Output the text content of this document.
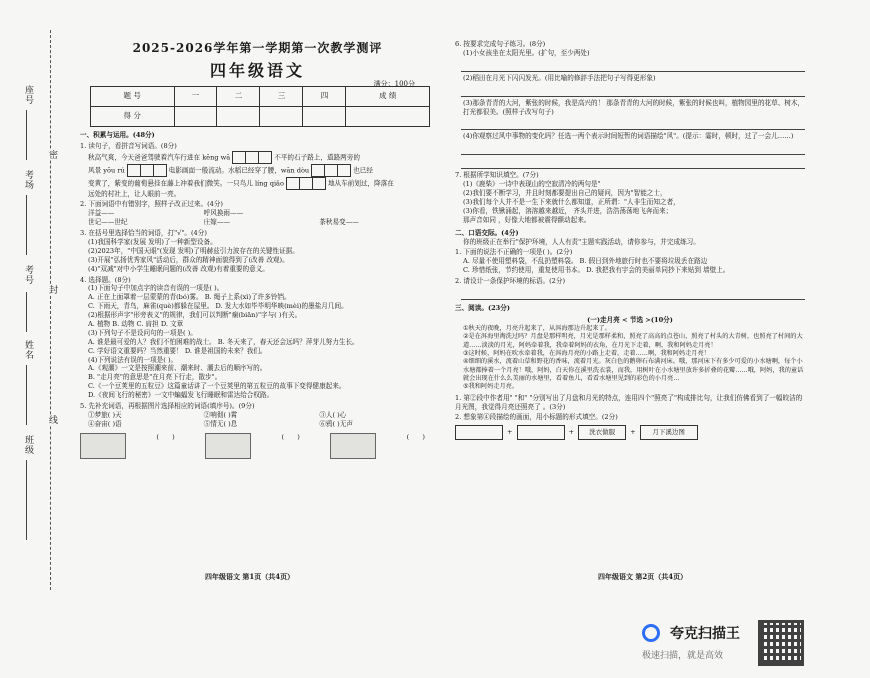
座号
考场
考号
姓名
班级
密
封
线
2025-2026学年第一学期第一次教学测评
四年级语文
满分：100分
题 号	一	二	三	四	成 绩
得 分					
一、积累与运用。(48分)
1. 读句子，看拼音写词语。(8分)
秋高气爽，今天爸爸驾驶着汽车行进在 kēng wā	不平的石子路上，道路两旁的
风景 yōu rú	电影画面一般流动。水稻已经穿了腰，wān dòu	也已经
变黄了，紫变的葡萄悬挂在藤上冲着我们微笑。一只鸟儿 líng qiǎo	地从车前划过，降落在
远处的村社上，让人眼前一亮。
2. 下面词语中有错别字，照样子改正过来。(4分)
洋益——	呼风换雨——
世记——世纪	庄嫁——	茶秋易变——
3. 在括号里选择恰当的词语，打"√"。(4分)
(1)我国科学家(发展 发明)了一种新型设备。
(2)2023年，"中国天眼"(发现 发明)了明赫兹引力波存在的关键性证据。
(3)开展"弘扬优秀家风"活动后，群众的精神面貌得到了(改善 改观)。
(4)"双减"对中小学生睡眠问题的(改善 改观)有着重要的意义。
4. 选择题。(8分)
(1)下面句子中加点字的读音有误的一项是( )。
A. 正在上面罩着一层蒙蒙的青(bó)雾。 B. 绳子上系(xì)了许多铃铛。
C. 下雨天，青鸟，麻雀(què)都躲在屋里。 D. 发大水如毕毕明华映(mèi)的墨盐月几间。
(2)根据形声字"形旁表义"的规律，我们可以判断"痫(biān)"字与( )有关。
A. 植物 B. 动物 C. 肩担 D. 文章
(3)下列句子不是设问句的一项是( )。
A. 谁是最可爱的人？我们不怕困难的战士。 B. 冬天来了，春天还会远吗？萍芽儿努力生长。
C. 学好语文重要吗？当然重要！ D. 谁是祖国的未来？我们。
(4)下列说法有误的一项是( )。
A.《观潮》一文是按照潮来前、潮来时、潮去后的顺序写的。
B. "走月亮"的意思是"在月亮下行走，散步"。
C.《一个豆荚里的五粒豆》这篇童话讲了一个豆荚里的第五粒豆的故事下变得健康起来。
D.《夜间飞行的秘密》一文中蝙蝠发飞行睡眠和雷达给合权路。
5. 先补充词语，再根据图片选择相应的词语(填序号)。(9分)
①梦旅( )天	②响彻( )霄	③人( )心
④奋宙( )语	⑤情无( )息	⑥鸦( )无声
(　　)	(　　)	(　　)
四年级语文 第1页（共4页）
6. 按要求完成句子练习。(8分)
(1)小女孩坐在太阳光里。(扩句，至少两处)
(2)稻田在月光下闪闪发光。(用比喻的修辞手法把句子写得更形象)
(3)那条青青的大河，紫张的时候，我是高兴的！ 那条青青的大河的时候，紫张的时候也叫，植物园里的花草、树木，打光都很美。(照样子改写句子)
(4)你观察过风中事物的变化吗？任选一两个表示时间短暂的词语描绘"风"。(提示：霎时，顿时，过了一会儿……)
7. 根据所学知识填空。(7分)
(1)《鹿柴》一诗中表现山的空寂清冷的两句是"
(2)我们要不断学习，并且时刻都要提出自己的疑问，因为"智能之士，
(3)我们每个人并不是一生下来就什么都知道，正所谓："人非生而知之者，
(3)你看，铁锹涌起，溶溶越来越近， 齐头并进，浩浩荡荡地飞奔而来；
那声音如同 ，好像大地都被震得颤动起来。
二、口语交际。(4分)
你的班级正在举行"保护环境，人人有责"主题实践活动，请你参与，并完成练习。
1. 下面的说法不正确的一项是( )。(2分)
A. 尽量不使用塑料袋，不乱扔塑料袋。 B. 假日到外地旅行时也不要将垃圾丢在路边
C. 珍惜纸张，节约使用，重复使用书本。 D. 我把我有宇会的美丽单同抄下来贴到 墙壁上。
2. 请设计一条保护环境的标语。(2分)
三、阅读。(23分)
(一)走月亮 < 节选 >(10分)
①秋天的夜晚，月亮升起来了，从洱海那边升起来了。
②是在洱海里淘洗过吗？月盘是那样明亮，月光是那样柔和，照亮了高高的点苍山，照亮了村头的大青树，也照亮了村间的大道……淡淡的月光，阿妈牵着我，我牵着阿妈的衣角，在月光下走着，啊，我和阿妈走月亮！
③这时候，阿妈在吹水牵着我，在洱海月亮的小路上走着，走着……啊，我和阿妈走月亮！
④细细的溪水，流着山草和野花的香味，流着月光。灰白色的鹅卵石布满河床。哦，那河床下有多少可爱的小水塘啊，每个小水塘都捧着一个月亮！哦，阿妈，白天你在溪里洗衣裳，而我，用树叶在小水塘里放许多折叠的花瓣……哦，阿妈，我的童话就会出现在什么么美丽的水塘里，看着鱼儿，看看水塘里见到的彩色的小月亮…
⑤我和阿妈走月亮。
1. 第②段中作者用" "和" "分别写出了月盘和月光的特点，连用四个"照亮了"构成排比句，让我们仿佛看到了一幅皎洁的月光图，我觉得月亮还照亮了 。(3分)
2. 想象第④段描绘的画面，用小标题的形式填空。(2分)
+	+	洗衣做服	+	月下溪边图
四年级语文 第2页（共4页）
夸克扫描王
极速扫描，就是高效
